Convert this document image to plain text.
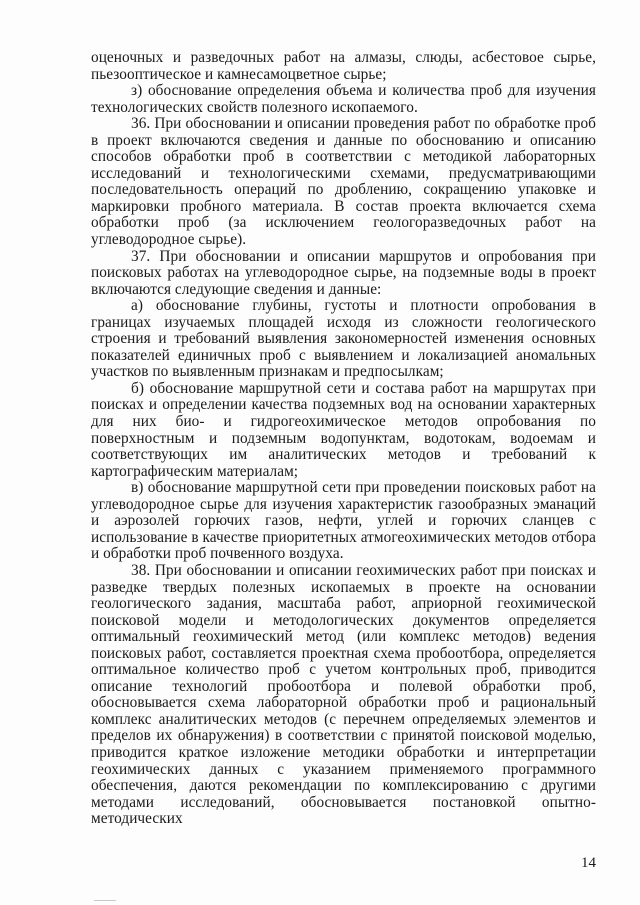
оценочных и разведочных работ на алмазы, слюды, асбестовое сырье, пьезооптическое и камнесамоцветное сырье;

з) обоснование определения объема и количества проб для изучения технологических свойств полезного ископаемого.

36. При обосновании и описании проведения работ по обработке проб в проект включаются сведения и данные по обоснованию и описанию способов обработки проб в соответствии с методикой лабораторных исследований и технологическими схемами, предусматривающими последовательность операций по дроблению, сокращению упаковке и маркировки пробного материала. В состав проекта включается схема обработки проб (за исключением геологоразведочных работ на углеводородное сырье).

37. При обосновании и описании маршрутов и опробования при поисковых работах на углеводородное сырье, на подземные воды в проект включаются следующие сведения и данные:

а) обоснование глубины, густоты и плотности опробования в границах изучаемых площадей исходя из сложности геологического строения и требований выявления закономерностей изменения основных показателей единичных проб с выявлением и локализацией аномальных участков по выявленным признакам и предпосылкам;

б) обоснование маршрутной сети и состава работ на маршрутах при поисках и определении качества подземных вод на основании характерных для них био- и гидрогеохимическое методов опробования по поверхностным и подземным водопунктам, водотокам, водоемам и соответствующих им аналитических методов и требований к картографическим материалам;

в) обоснование маршрутной сети при проведении поисковых работ на углеводородное сырье для изучения характеристик газообразных эманаций и аэрозолей горючих газов, нефти, углей и горючих сланцев с использование в качестве приоритетных атмогеохимических методов отбора и обработки проб почвенного воздуха.

38. При обосновании и описании геохимических работ при поисках и разведке твердых полезных ископаемых в проекте на основании геологического задания, масштаба работ, априорной геохимической поисковой модели и методологических документов определяется оптимальный геохимический метод (или комплекс методов) ведения поисковых работ, составляется проектная схема пробоотбора, определяется оптимальное количество проб с учетом контрольных проб, приводится описание технологий пробоотбора и полевой обработки проб, обосновывается схема лабораторной обработки проб и рациональный комплекс аналитических методов (с перечнем определяемых элементов и пределов их обнаружения) в соответствии с принятой поисковой моделью, приводится краткое изложение методики обработки и интерпретации геохимических данных с указанием применяемого программного обеспечения, даются рекомендации по комплексированию с другими методами исследований, обосновывается постановкой опытно-методических

14
